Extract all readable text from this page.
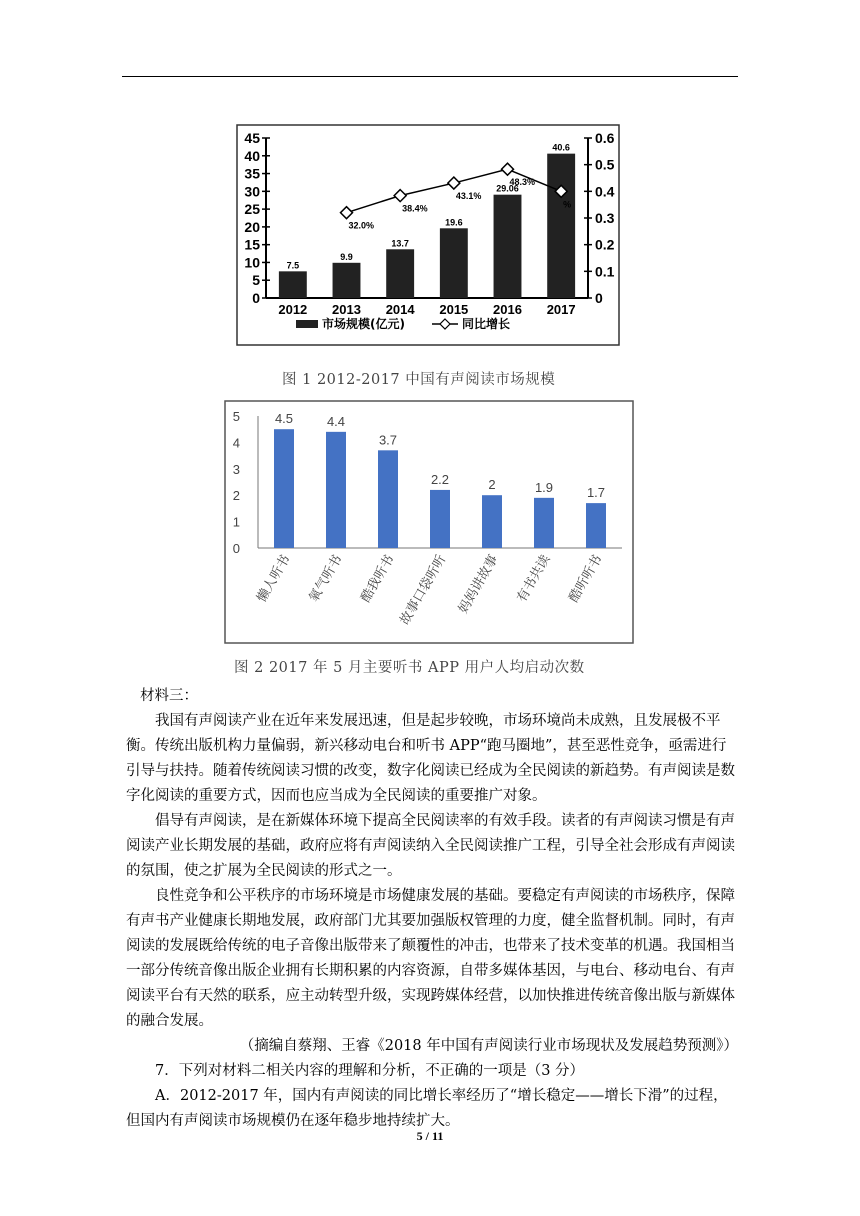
0
5
10
15
20
25
30
35
40
45
0
0.1
0.2
0.3
0.4
0.5
0.6
7.5
2012
9.9
2013
13.7
2014
19.6
2015
29.06
2016
40.6
2017
32.0%
38.4%
43.1%
48.3%
%
市场规模(亿元)	同比增长
图 1 2012-2017 中国有声阅读市场规模
0
1
2
3
4
5	4.5
懒人听书
4.4
氧气听书
3.7
酷我听书
2.2
故事口袋听听
2
妈妈讲故事
1.9
有书共读
1.7
酷听听书
图 2 2017 年 5 月主要听书 APP 用户人均启动次数

材料三：

我国有声阅读产业在近年来发展迅速，但是起步较晚，市场环境尚未成熟，且发展极不平衡。传统出版机构力量偏弱，新兴移动电台和听书 APP“跑马圈地”，甚至恶性竞争，亟需进行引导与扶持。随着传统阅读习惯的改变，数字化阅读已经成为全民阅读的新趋势。有声阅读是数字化阅读的重要方式，因而也应当成为全民阅读的重要推广对象。

倡导有声阅读，是在新媒体环境下提高全民阅读率的有效手段。读者的有声阅读习惯是有声阅读产业长期发展的基础，政府应将有声阅读纳入全民阅读推广工程，引导全社会形成有声阅读的氛围，使之扩展为全民阅读的形式之一。

良性竞争和公平秩序的市场环境是市场健康发展的基础。要稳定有声阅读的市场秩序，保障有声书产业健康长期地发展，政府部门尤其要加强版权管理的力度，健全监督机制。同时，有声阅读的发展既给传统的电子音像出版带来了颠覆性的冲击，也带来了技术变革的机遇。我国相当一部分传统音像出版企业拥有长期积累的内容资源，自带多媒体基因，与电台、移动电台、有声阅读平台有天然的联系，应主动转型升级，实现跨媒体经营，以加快推进传统音像出版与新媒体的融合发展。

（摘编自蔡翔、王睿《2018 年中国有声阅读行业市场现状及发展趋势预测》）

7．下列对材料二相关内容的理解和分析，不正确的一项是（3 分）

A．2012-2017 年，国内有声阅读的同比增长率经历了“增长稳定——增长下滑”的过程，但国内有声阅读市场规模仍在逐年稳步地持续扩大。

5 / 11
